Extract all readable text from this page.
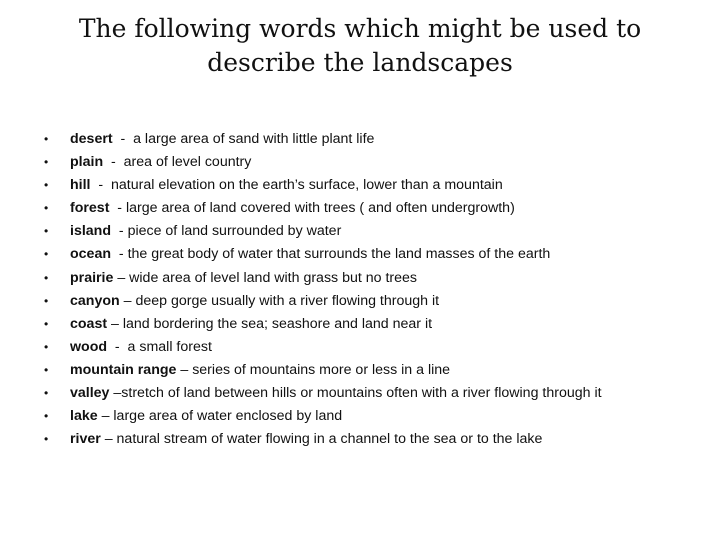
The following words which might be used to
describe the landscapes
• desert  -  a large area of sand with little plant life
• plain  -  area of level country
• hill  -  natural elevation on the earth’s surface, lower than a mountain
• forest  - large area of land covered with trees ( and often undergrowth)
• island  - piece of land surrounded by water
• ocean  - the great body of water that surrounds the land masses of the earth
• prairie – wide area of level land with grass but no trees
• canyon – deep gorge usually with a river flowing through it
• coast – land bordering the sea; seashore and land near it
• wood  -  a small forest
• mountain range – series of mountains more or less in a line
• valley –stretch of land between hills or mountains often with a river flowing through it
• lake – large area of water enclosed by land
• river – natural stream of water flowing in a channel to the sea or to the lake
